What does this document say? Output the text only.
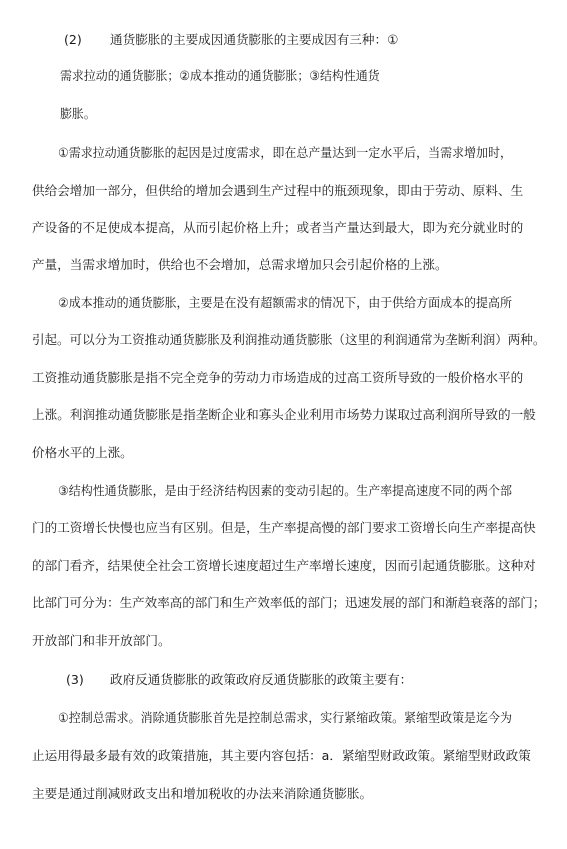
(2) 通货膨胀的主要成因通货膨胀的主要成因有三种：①
需求拉动的通货膨胀；②成本推动的通货膨胀；③结构性通货
膨胀。
①需求拉动通货膨胀的起因是过度需求，即在总产量达到一定水平后，当需求增加时，
供给会增加一部分，但供给的增加会遇到生产过程中的瓶颈现象，即由于劳动、原料、生
产设备的不足使成本提高，从而引起价格上升；或者当产量达到最大，即为充分就业时的
产量，当需求增加时，供给也不会增加，总需求增加只会引起价格的上涨。
②成本推动的通货膨胀，主要是在没有超额需求的情况下，由于供给方面成本的提高所
引起。可以分为工资推动通货膨胀及利润推动通货膨胀（这里的利润通常为垄断利润）两种。
工资推动通货膨胀是指不完全竞争的劳动力市场造成的过高工资所导致的一般价格水平的
上涨。利润推动通货膨胀是指垄断企业和寡头企业利用市场势力谋取过高利润所导致的一般
价格水平的上涨。
③结构性通货膨胀，是由于经济结构因素的变动引起的。生产率提高速度不同的两个部
门的工资增长快慢也应当有区别。但是，生产率提高慢的部门要求工资增长向生产率提高快
的部门看齐，结果使全社会工资增长速度超过生产率增长速度，因而引起通货膨胀。这种对
比部门可分为：生产效率高的部门和生产效率低的部门；迅速发展的部门和渐趋衰落的部门；
开放部门和非开放部门。
(3) 政府反通货膨胀的政策政府反通货膨胀的政策主要有：
①控制总需求。消除通货膨胀首先是控制总需求，实行紧缩政策。紧缩型政策是迄今为
止运用得最多最有效的政策措施，其主要内容包括：a．紧缩型财政政策。紧缩型财政政策
主要是通过削减财政支出和增加税收的办法来消除通货膨胀。
